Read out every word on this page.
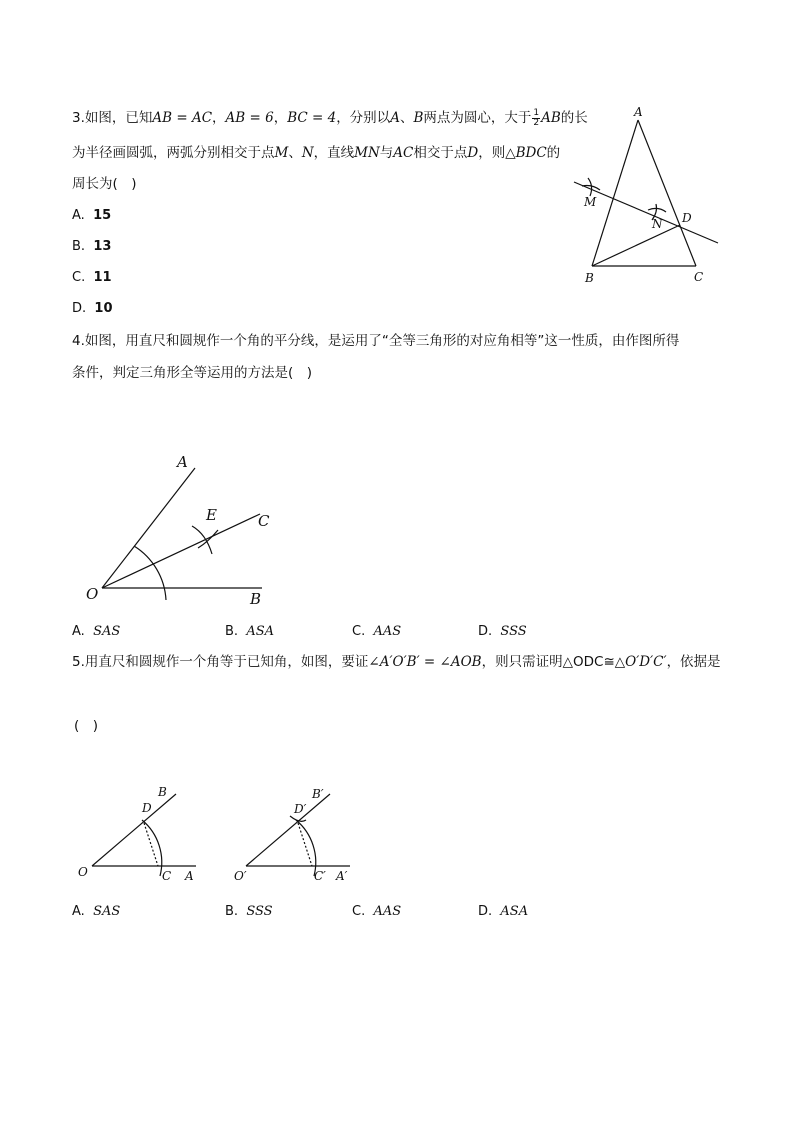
3.如图，已知AB = AC，AB = 6，BC = 4，分别以A、B两点为圆心，大于 $\frac{1}{2}$ AB的长
为半径画圆弧，两弧分别相交于点M、N，直线MN与AC相交于点D，则△BDC的
周长为(　)
A. 15
B. 13
C. 11
D. 10
A
M
N D
B	C
4.如图，用直尺和圆规作一个角的平分线，是运用了“全等三角形的对应角相等”这一性质，由作图所得
条件，判定三角形全等运用的方法是(　)
A
E	C
O	B
A. SAS	B. ASA	C. AAS	D. SSS
5.用直尺和圆规作一个角等于已知角，如图，要证∠A′O′B′ = ∠AOB，则只需证明△ODC≅△O′D′C′，依据是
(　)
B
D
O	C A
B′
D′
O′	C′ A′
A. SAS	B. SSS	C. AAS	D. ASA
